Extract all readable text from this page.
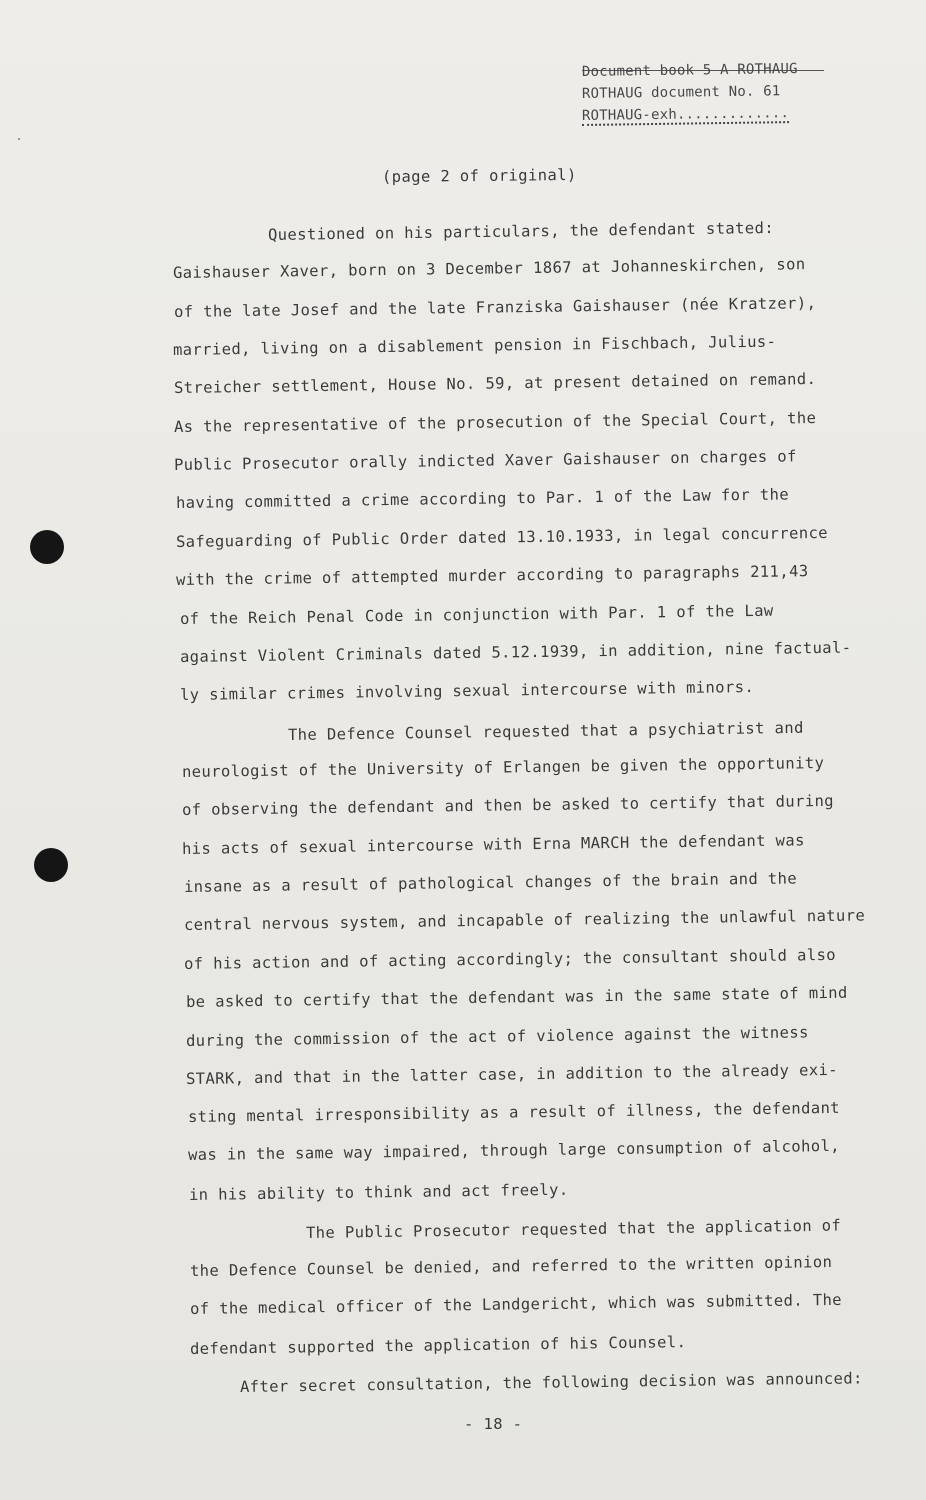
Document book 5 A ROTHAUG
ROTHAUG document No. 61
ROTHAUG-exh.............
(page 2 of original)
Questioned on his particulars, the defendant stated:
Gaishauser Xaver, born on 3 December 1867 at Johanneskirchen, son
of the late Josef and the late Franziska Gaishauser (née Kratzer),
married, living on a disablement pension in Fischbach, Julius-
Streicher settlement, House No. 59, at present detained on remand.
As the representative of the prosecution of the Special Court, the
Public Prosecutor orally indicted Xaver Gaishauser on charges of
having committed a crime according to Par. 1 of the Law for the
Safeguarding of Public Order dated 13.10.1933, in legal concurrence
with the crime of attempted murder according to paragraphs 211,43
of the Reich Penal Code in conjunction with Par. 1 of the Law
against Violent Criminals dated 5.12.1939, in addition, nine factual-
ly similar crimes involving sexual intercourse with minors.
The Defence Counsel requested that a psychiatrist and
neurologist of the University of Erlangen be given the opportunity
of observing the defendant and then be asked to certify that during
his acts of sexual intercourse with Erna MARCH the defendant was
insane as a result of pathological changes of the brain and the
central nervous system, and incapable of realizing the unlawful nature
of his action and of acting accordingly; the consultant should also
be asked to certify that the defendant was in the same state of mind
during the commission of the act of violence against the witness
STARK, and that in the latter case, in addition to the already exi-
sting mental irresponsibility as a result of illness, the defendant
was in the same way impaired, through large consumption of alcohol,
in his ability to think and act freely.
The Public Prosecutor requested that the application of
the Defence Counsel be denied, and referred to the written opinion
of the medical officer of the Landgericht, which was submitted. The
defendant supported the application of his Counsel.
After secret consultation, the following decision was announced:
- 18 -
